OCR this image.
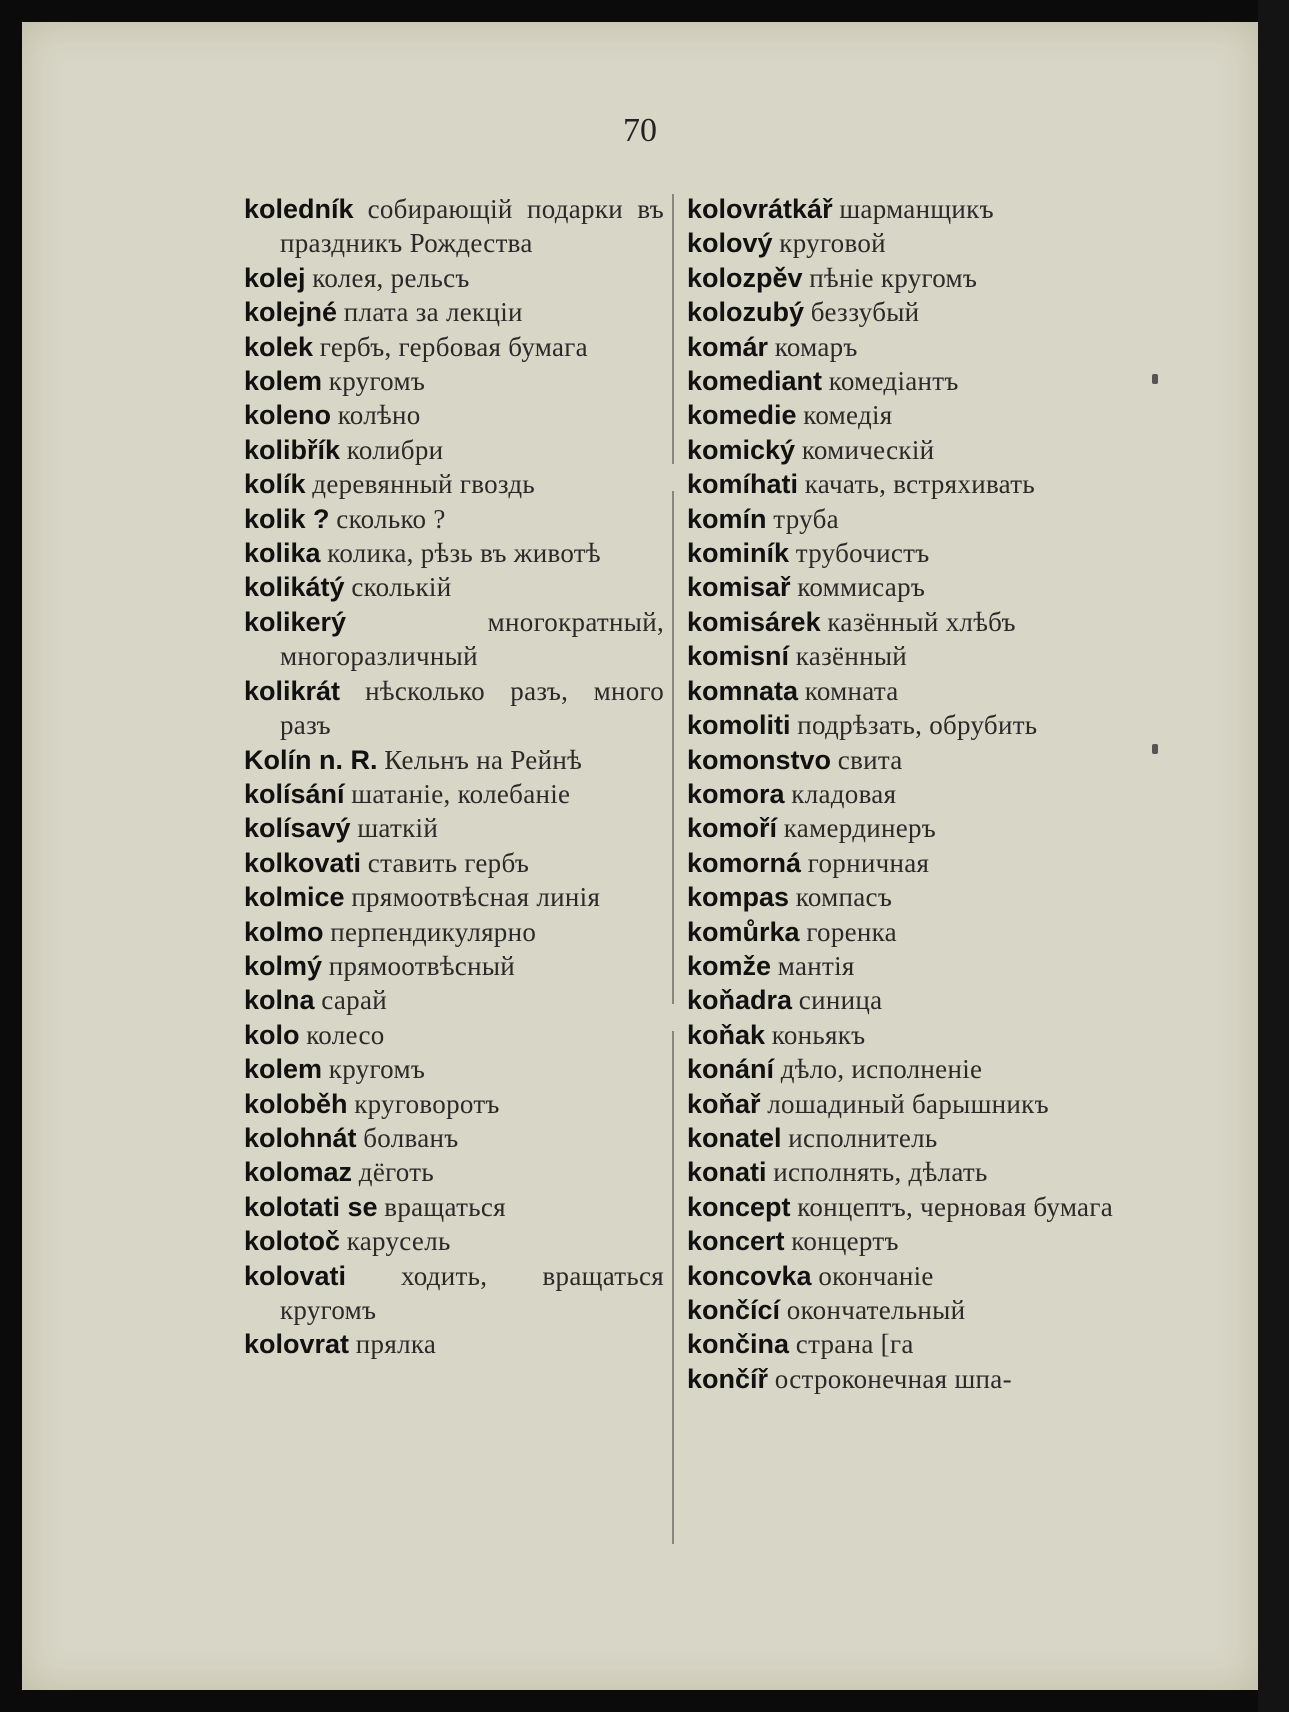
70
koledník собирающій подарки въ праздникъ Рождества
kolej колея, рельсъ
kolejné плата за лекціи
kolek гербъ, гербовая бумага
kolem кругомъ
koleno колѣно
kolibřík колибри
kolík деревянный гвоздь
kolik ? сколько ?
kolika колика, рѣзь въ животѣ
kolikátý сколькій
kolikerý	многократный, многоразличный
kolikrát нѣсколько разъ, много разъ
Kolín n. R. Кельнъ на Рейнѣ
kolísání шатаніе, колебаніе
kolísavý шаткій
kolkovati ставить гербъ
kolmice прямоотвѣсная линія
kolmo перпендикулярно
kolmý прямоотвѣсный
kolna сарай
kolo колесо
kolem кругомъ
koloběh круговоротъ
kolohnát болванъ
kolomaz дёготь
kolotati se вращаться
kolotoč карусель
kolovati ходить, вращаться кругомъ
kolovrat прялка
kolovrátkář шарманщикъ
kolový круговой
kolozpěv пѣніе кругомъ
kolozubý беззубый
komár комаръ
komediant комедіантъ
komedie комедія
komický комическій
komíhati качать, встряхивать
komín труба
kominík трубочистъ
komisař коммисаръ
komisárek казённый хлѣбъ
komisní казённый
komnata комната
komoliti подрѣзать, обрубить
komonstvo свита
komora кладовая
komoří камердинеръ
komorná горничная
kompas компасъ
komůrka горенка
komže мантія
koňadra синица
koňak коньякъ
konání дѣло, исполненіе
koňař лошадиный барышникъ
konatel исполнитель
konati исполнять, дѣлать
koncept концептъ, черновая бумага
koncert концертъ
koncovka окончаніе
končící окончательный
končina страна [га
končíř остроконечная шпа-
